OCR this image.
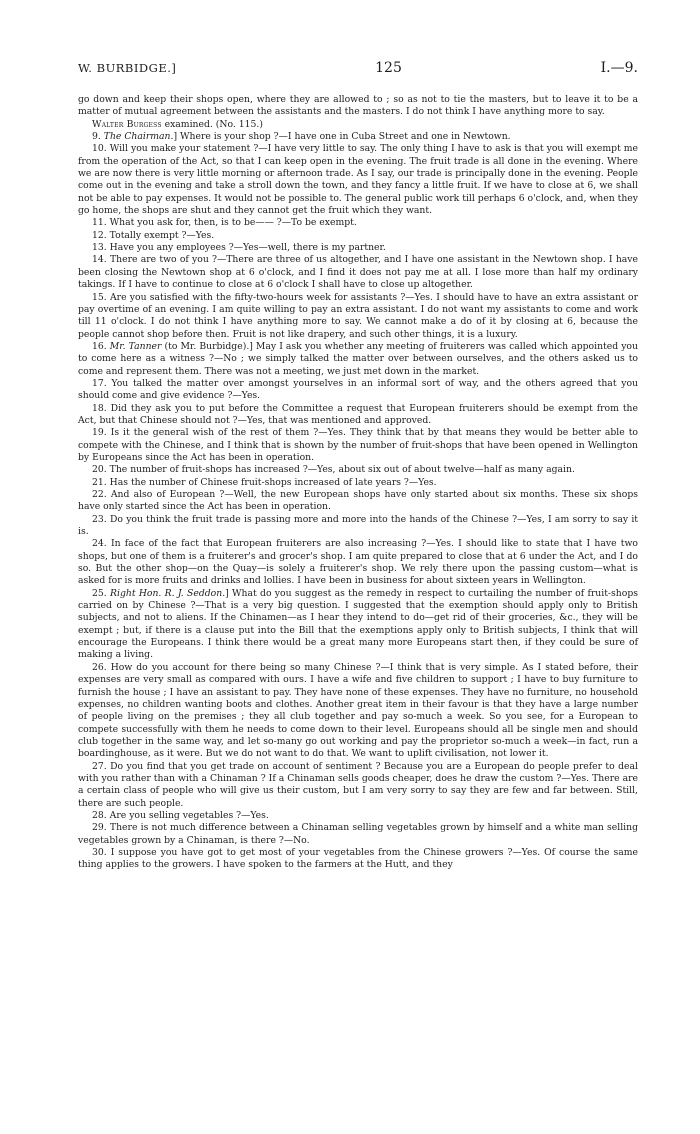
W. BURBIDGE.]	125	I.—9.

go down and keep their shops open, where they are allowed to ; so as not to tie the masters, but to leave it to be a matter of mutual agreement between the assistants and the masters. I do not think I have anything more to say.

Walter Burgess examined. (No. 115.)

9. The Chairman.] Where is your shop ?—I have one in Cuba Street and one in Newtown.

10. Will you make your statement ?—I have very little to say. The only thing I have to ask is that you will exempt me from the operation of the Act, so that I can keep open in the evening. The fruit trade is all done in the evening. Where we are now there is very little morning or afternoon trade. As I say, our trade is principally done in the evening. People come out in the evening and take a stroll down the town, and they fancy a little fruit. If we have to close at 6, we shall not be able to pay expenses. It would not be possible to. The general public work till perhaps 6 o'clock, and, when they go home, the shops are shut and they cannot get the fruit which they want.

11. What you ask for, then, is to be—— ?—To be exempt.

12. Totally exempt ?—Yes.

13. Have you any employees ?—Yes—well, there is my partner.

14. There are two of you ?—There are three of us altogether, and I have one assistant in the Newtown shop. I have been closing the Newtown shop at 6 o'clock, and I find it does not pay me at all. I lose more than half my ordinary takings. If I have to continue to close at 6 o'clock I shall have to close up altogether.

15. Are you satisfied with the fifty-two-hours week for assistants ?—Yes. I should have to have an extra assistant or pay overtime of an evening. I am quite willing to pay an extra assistant. I do not want my assistants to come and work till 11 o'clock. I do not think I have anything more to say. We cannot make a do of it by closing at 6, because the people cannot shop before then. Fruit is not like drapery, and such other things, it is a luxury.

16. Mr. Tanner (to Mr. Burbidge).] May I ask you whether any meeting of fruiterers was called which appointed you to come here as a witness ?—No ; we simply talked the matter over between ourselves, and the others asked us to come and represent them. There was not a meeting, we just met down in the market.

17. You talked the matter over amongst yourselves in an informal sort of way, and the others agreed that you should come and give evidence ?—Yes.

18. Did they ask you to put before the Committee a request that European fruiterers should be exempt from the Act, but that Chinese should not ?—Yes, that was mentioned and approved.

19. Is it the general wish of the rest of them ?—Yes. They think that by that means they would be better able to compete with the Chinese, and I think that is shown by the number of fruit-shops that have been opened in Wellington by Europeans since the Act has been in operation.

20. The number of fruit-shops has increased ?—Yes, about six out of about twelve—half as many again.

21. Has the number of Chinese fruit-shops increased of late years ?—Yes.

22. And also of European ?—Well, the new European shops have only started about six months. These six shops have only started since the Act has been in operation.

23. Do you think the fruit trade is passing more and more into the hands of the Chinese ?—Yes, I am sorry to say it is.

24. In face of the fact that European fruiterers are also increasing ?—Yes. I should like to state that I have two shops, but one of them is a fruiterer's and grocer's shop. I am quite prepared to close that at 6 under the Act, and I do so. But the other shop—on the Quay—is solely a fruiterer's shop. We rely there upon the passing custom—what is asked for is more fruits and drinks and lollies. I have been in business for about sixteen years in Wellington.

25. Right Hon. R. J. Seddon.] What do you suggest as the remedy in respect to curtailing the number of fruit-shops carried on by Chinese ?—That is a very big question. I suggested that the exemption should apply only to British subjects, and not to aliens. If the Chinamen—as I hear they intend to do—get rid of their groceries, &c., they will be exempt ; but, if there is a clause put into the Bill that the exemptions apply only to British subjects, I think that will encourage the Europeans. I think there would be a great many more Europeans start then, if they could be sure of making a living.

26. How do you account for there being so many Chinese ?—I think that is very simple. As I stated before, their expenses are very small as compared with ours. I have a wife and five children to support ; I have to buy furniture to furnish the house ; I have an assistant to pay. They have none of these expenses. They have no furniture, no household expenses, no children wanting boots and clothes. Another great item in their favour is that they have a large number of people living on the premises ; they all club together and pay so-much a week. So you see, for a European to compete successfully with them he needs to come down to their level. Europeans should all be single men and should club together in the same way, and let so-many go out working and pay the proprietor so-much a week—in fact, run a boardinghouse, as it were. But we do not want to do that. We want to uplift civilisation, not lower it.

27. Do you find that you get trade on account of sentiment ? Because you are a European do people prefer to deal with you rather than with a Chinaman ? If a Chinaman sells goods cheaper, does he draw the custom ?—Yes. There are a certain class of people who will give us their custom, but I am very sorry to say they are few and far between. Still, there are such people.

28. Are you selling vegetables ?—Yes.

29. There is not much difference between a Chinaman selling vegetables grown by himself and a white man selling vegetables grown by a Chinaman, is there ?—No.

30. I suppose you have got to get most of your vegetables from the Chinese growers ?—Yes. Of course the same thing applies to the growers. I have spoken to the farmers at the Hutt, and they
